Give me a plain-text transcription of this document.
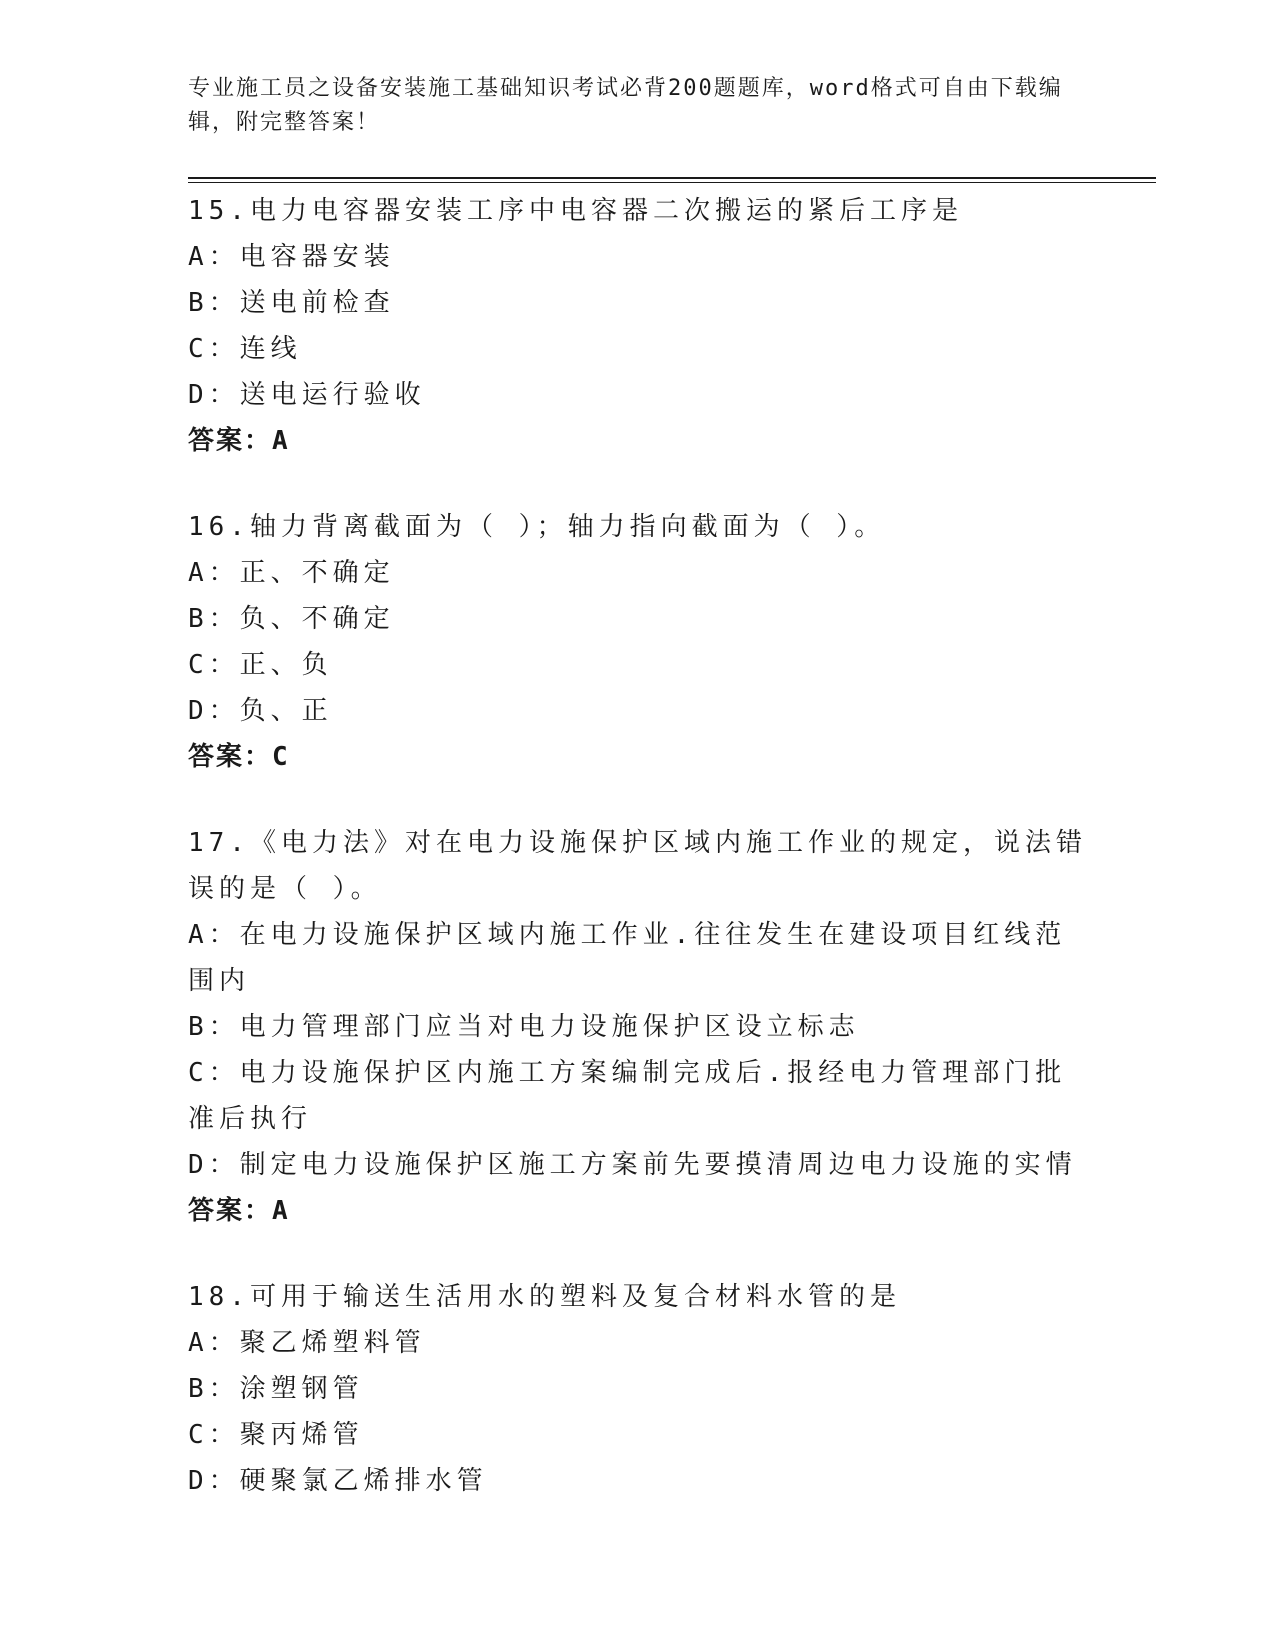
专业施工员之设备安装施工基础知识考试必背200题题库，word格式可自由下载编辑，附完整答案！
15.电力电容器安装工序中电容器二次搬运的紧后工序是
A：电容器安装
B：送电前检查
C：连线
D：送电运行验收
答案：A
16.轴力背离截面为（ ）；轴力指向截面为（ ）。
A：正、不确定
B：负、不确定
C：正、负
D：负、正
答案：C
17.《电力法》对在电力设施保护区域内施工作业的规定，说法错误的是（ ）。
A：在电力设施保护区域内施工作业.往往发生在建设项目红线范围内
B：电力管理部门应当对电力设施保护区设立标志
C：电力设施保护区内施工方案编制完成后.报经电力管理部门批准后执行
D：制定电力设施保护区施工方案前先要摸清周边电力设施的实情
答案：A
18.可用于输送生活用水的塑料及复合材料水管的是
A：聚乙烯塑料管
B：涂塑钢管
C：聚丙烯管
D：硬聚氯乙烯排水管
